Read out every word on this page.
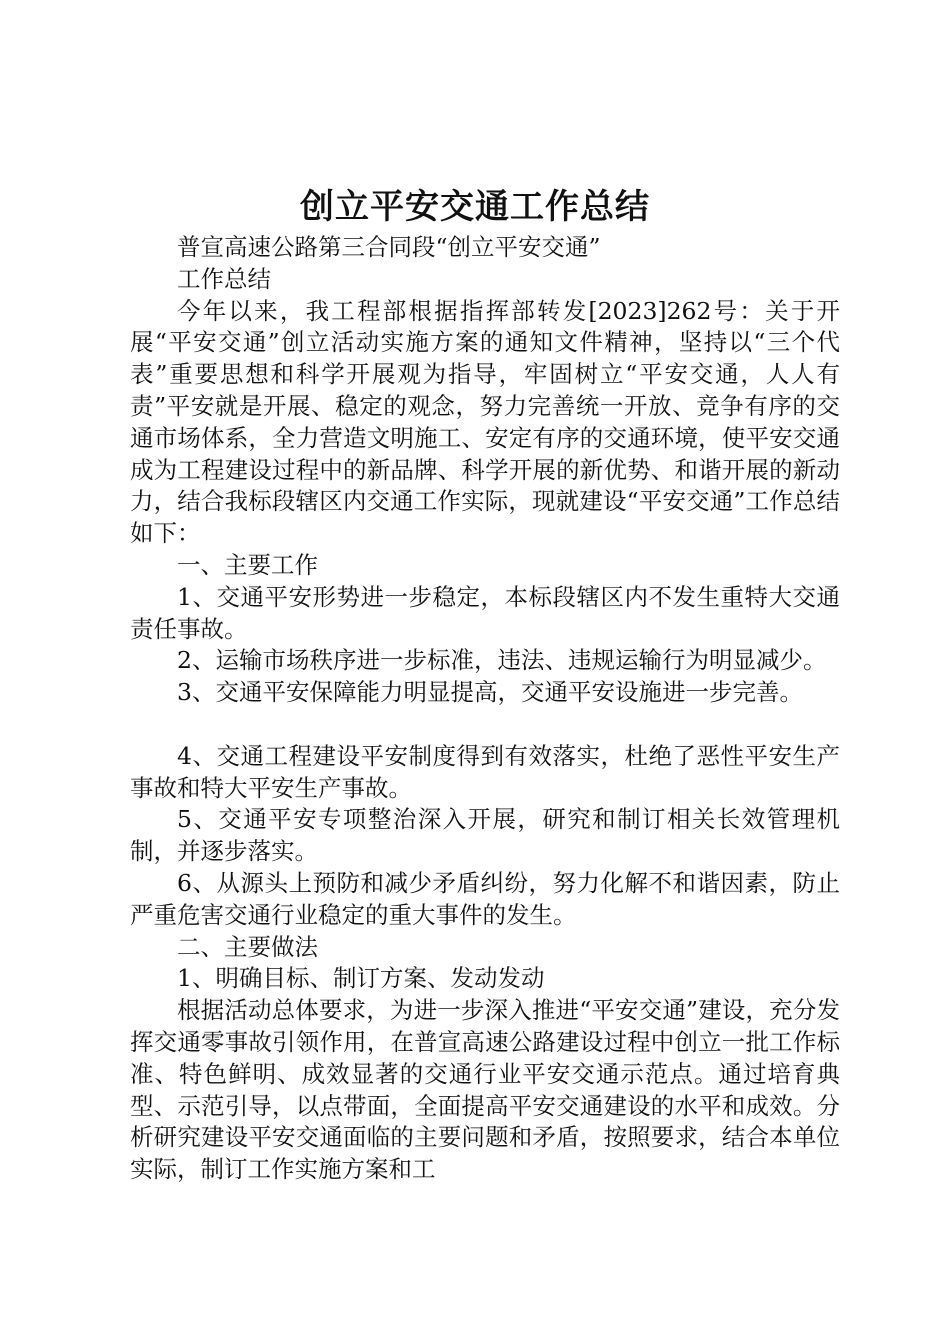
创立平安交通工作总结

普宣高速公路第三合同段“创立平安交通”

工作总结

今年以来，我工程部根据指挥部转发[2023]262号：关于开展“平安交通”创立活动实施方案的通知文件精神，坚持以“三个代表”重要思想和科学开展观为指导，牢固树立“平安交通，人人有责”平安就是开展、稳定的观念，努力完善统一开放、竞争有序的交通市场体系，全力营造文明施工、安定有序的交通环境，使平安交通成为工程建设过程中的新品牌、科学开展的新优势、和谐开展的新动力，结合我标段辖区内交通工作实际，现就建设“平安交通”工作总结如下：

一、主要工作

1、交通平安形势进一步稳定，本标段辖区内不发生重特大交通责任事故。

2、运输市场秩序进一步标准，违法、违规运输行为明显减少。

3、交通平安保障能力明显提高，交通平安设施进一步完善。

4、交通工程建设平安制度得到有效落实，杜绝了恶性平安生产事故和特大平安生产事故。

5、交通平安专项整治深入开展，研究和制订相关长效管理机制，并逐步落实。

6、从源头上预防和减少矛盾纠纷，努力化解不和谐因素，防止严重危害交通行业稳定的重大事件的发生。

二、主要做法

1、明确目标、制订方案、发动发动

根据活动总体要求，为进一步深入推进“平安交通”建设，充分发挥交通零事故引领作用，在普宣高速公路建设过程中创立一批工作标准、特色鲜明、成效显著的交通行业平安交通示范点。通过培育典型、示范引导，以点带面，全面提高平安交通建设的水平和成效。分析研究建设平安交通面临的主要问题和矛盾，按照要求，结合本单位实际，制订工作实施方案和工
